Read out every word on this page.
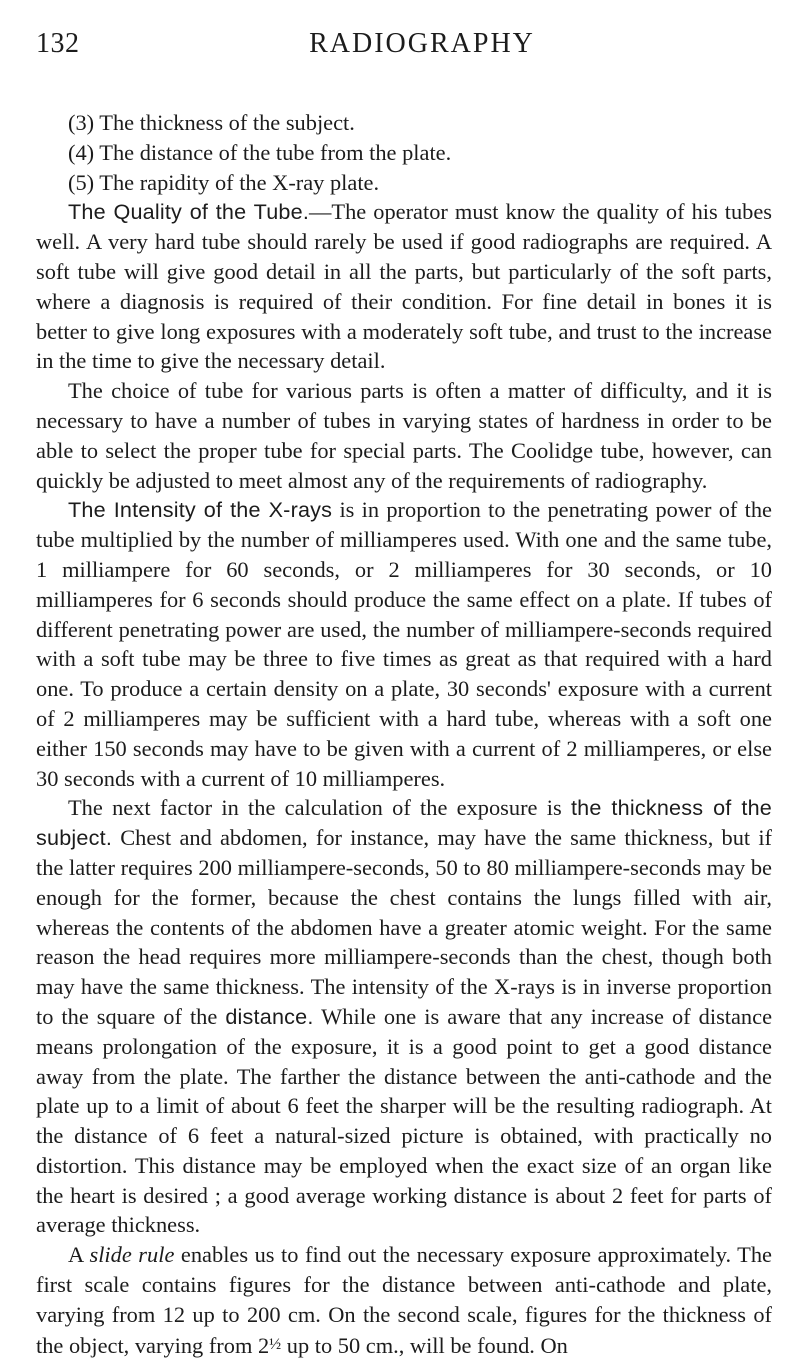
132	RADIOGRAPHY

(3) The thickness of the subject.

(4) The distance of the tube from the plate.

(5) The rapidity of the X-ray plate.

The Quality of the Tube.—The operator must know the quality of his tubes well. A very hard tube should rarely be used if good radiographs are required. A soft tube will give good detail in all the parts, but particularly of the soft parts, where a diagnosis is required of their condition. For fine detail in bones it is better to give long exposures with a moderately soft tube, and trust to the increase in the time to give the necessary detail.

The choice of tube for various parts is often a matter of difficulty, and it is necessary to have a number of tubes in varying states of hardness in order to be able to select the proper tube for special parts. The Coolidge tube, however, can quickly be adjusted to meet almost any of the requirements of radiography.

The Intensity of the X-rays is in proportion to the penetrating power of the tube multiplied by the number of milliamperes used. With one and the same tube, 1 milliampere for 60 seconds, or 2 milliamperes for 30 seconds, or 10 milliamperes for 6 seconds should produce the same effect on a plate. If tubes of different penetrating power are used, the number of milliampere-seconds required with a soft tube may be three to five times as great as that required with a hard one. To produce a certain density on a plate, 30 seconds' exposure with a current of 2 milliamperes may be sufficient with a hard tube, whereas with a soft one either 150 seconds may have to be given with a current of 2 milliamperes, or else 30 seconds with a current of 10 milliamperes.

The next factor in the calculation of the exposure is the thickness of the subject. Chest and abdomen, for instance, may have the same thickness, but if the latter requires 200 milliampere-seconds, 50 to 80 milliampere-seconds may be enough for the former, because the chest contains the lungs filled with air, whereas the contents of the abdomen have a greater atomic weight. For the same reason the head requires more milliampere-seconds than the chest, though both may have the same thickness. The intensity of the X-rays is in inverse proportion to the square of the distance. While one is aware that any increase of distance means prolongation of the exposure, it is a good point to get a good distance away from the plate. The farther the distance between the anti-cathode and the plate up to a limit of about 6 feet the sharper will be the resulting radiograph. At the distance of 6 feet a natural-sized picture is obtained, with practically no distortion. This distance may be employed when the exact size of an organ like the heart is desired ; a good average working distance is about 2 feet for parts of average thickness.

A slide rule enables us to find out the necessary exposure approximately. The first scale contains figures for the distance between anti-cathode and plate, varying from 12 up to 200 cm. On the second scale, figures for the thickness of the object, varying from 2½ up to 50 cm., will be found. On
